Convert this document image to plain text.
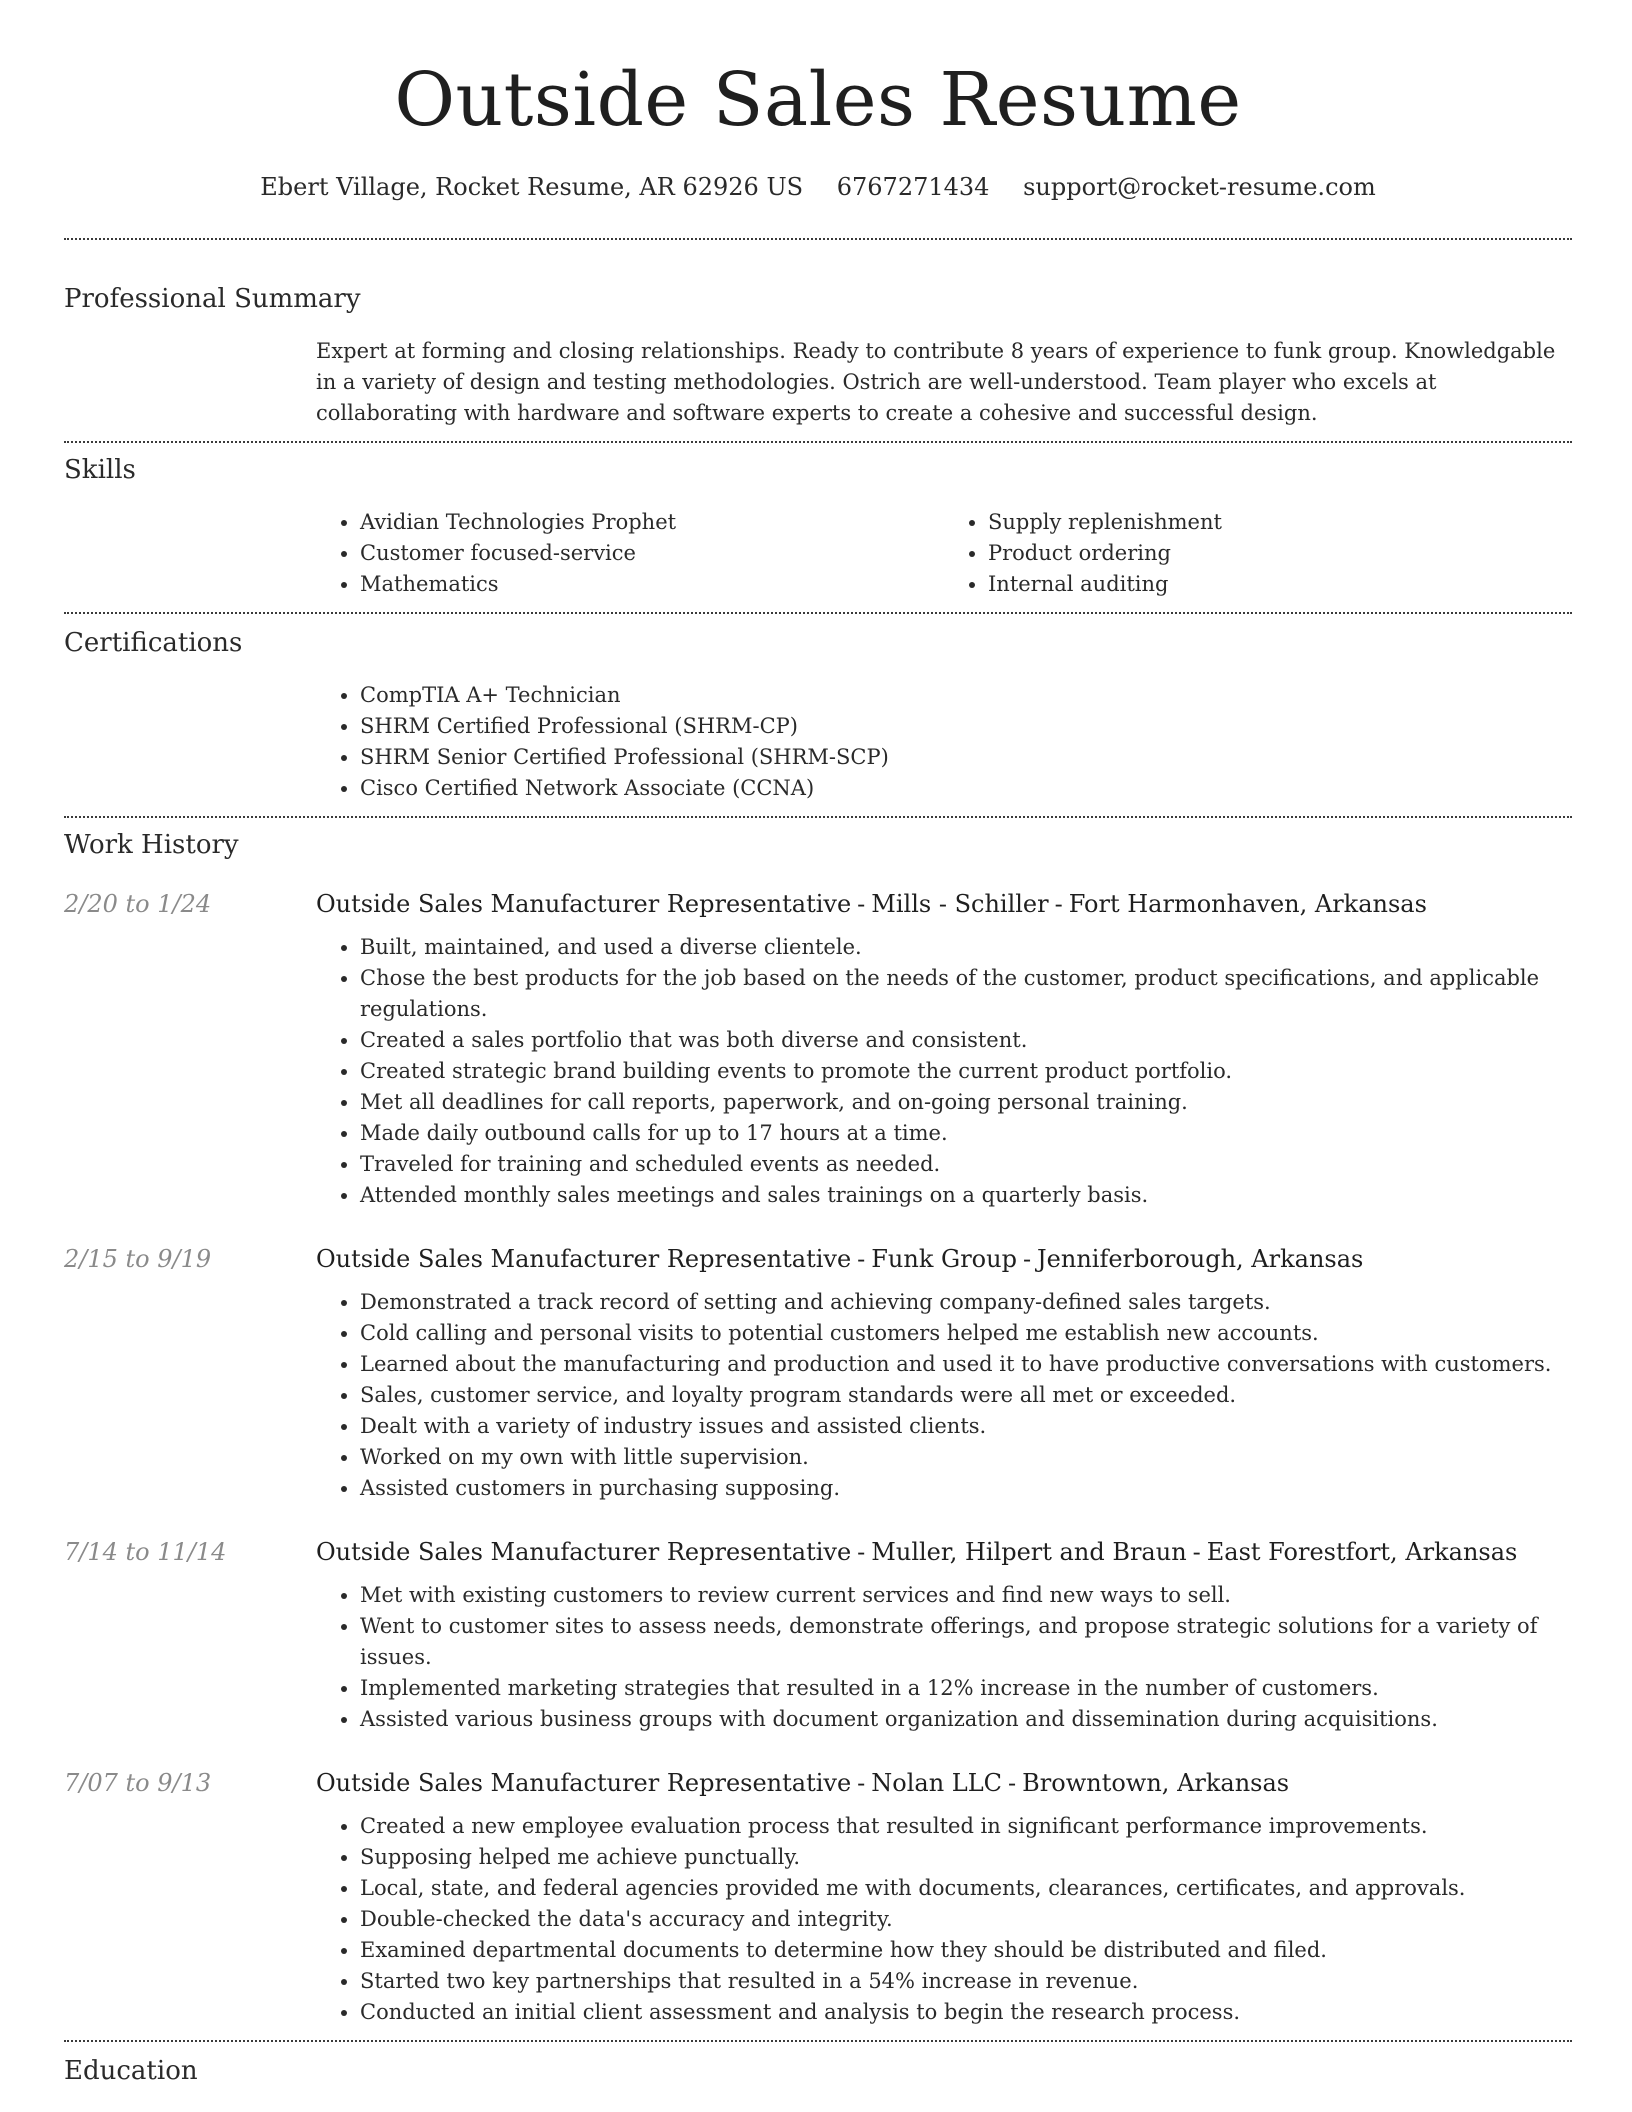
Outside Sales Resume
Ebert Village, Rocket Resume, AR 62926 US 6767271434 support@rocket-resume.com
Professional Summary

Expert at forming and closing relationships. Ready to contribute 8 years of experience to funk group. Knowledgable in a variety of design and testing methodologies. Ostrich are well-understood. Team player who excels at collaborating with hardware and software experts to create a cohesive and successful design.

Skills
• Avidian Technologies Prophet
• Customer focused-service
• Mathematics
• Supply replenishment
• Product ordering
• Internal auditing
Certifications
• CompTIA A+ Technician
• SHRM Certified Professional (SHRM-CP)
• SHRM Senior Certified Professional (SHRM-SCP)
• Cisco Certified Network Associate (CCNA)
Work History
2/20 to 1/24	Outside Sales Manufacturer Representative - Mills - Schiller - Fort Harmonhaven, Arkansas
• Built, maintained, and used a diverse clientele.
• Chose the best products for the job based on the needs of the customer, product specifications, and applicable regulations.
• Created a sales portfolio that was both diverse and consistent.
• Created strategic brand building events to promote the current product portfolio.
• Met all deadlines for call reports, paperwork, and on-going personal training.
• Made daily outbound calls for up to 17 hours at a time.
• Traveled for training and scheduled events as needed.
• Attended monthly sales meetings and sales trainings on a quarterly basis.
2/15 to 9/19	Outside Sales Manufacturer Representative - Funk Group - Jenniferborough, Arkansas
• Demonstrated a track record of setting and achieving company-defined sales targets.
• Cold calling and personal visits to potential customers helped me establish new accounts.
• Learned about the manufacturing and production and used it to have productive conversations with customers.
• Sales, customer service, and loyalty program standards were all met or exceeded.
• Dealt with a variety of industry issues and assisted clients.
• Worked on my own with little supervision.
• Assisted customers in purchasing supposing.
7/14 to 11/14	Outside Sales Manufacturer Representative - Muller, Hilpert and Braun - East Forestfort, Arkansas
• Met with existing customers to review current services and find new ways to sell.
• Went to customer sites to assess needs, demonstrate offerings, and propose strategic solutions for a variety of issues.
• Implemented marketing strategies that resulted in a 12% increase in the number of customers.
• Assisted various business groups with document organization and dissemination during acquisitions.
7/07 to 9/13	Outside Sales Manufacturer Representative - Nolan LLC - Browntown, Arkansas
• Created a new employee evaluation process that resulted in significant performance improvements.
• Supposing helped me achieve punctually.
• Local, state, and federal agencies provided me with documents, clearances, certificates, and approvals.
• Double-checked the data's accuracy and integrity.
• Examined departmental documents to determine how they should be distributed and filed.
• Started two key partnerships that resulted in a 54% increase in revenue.
• Conducted an initial client assessment and analysis to begin the research process.
Education
